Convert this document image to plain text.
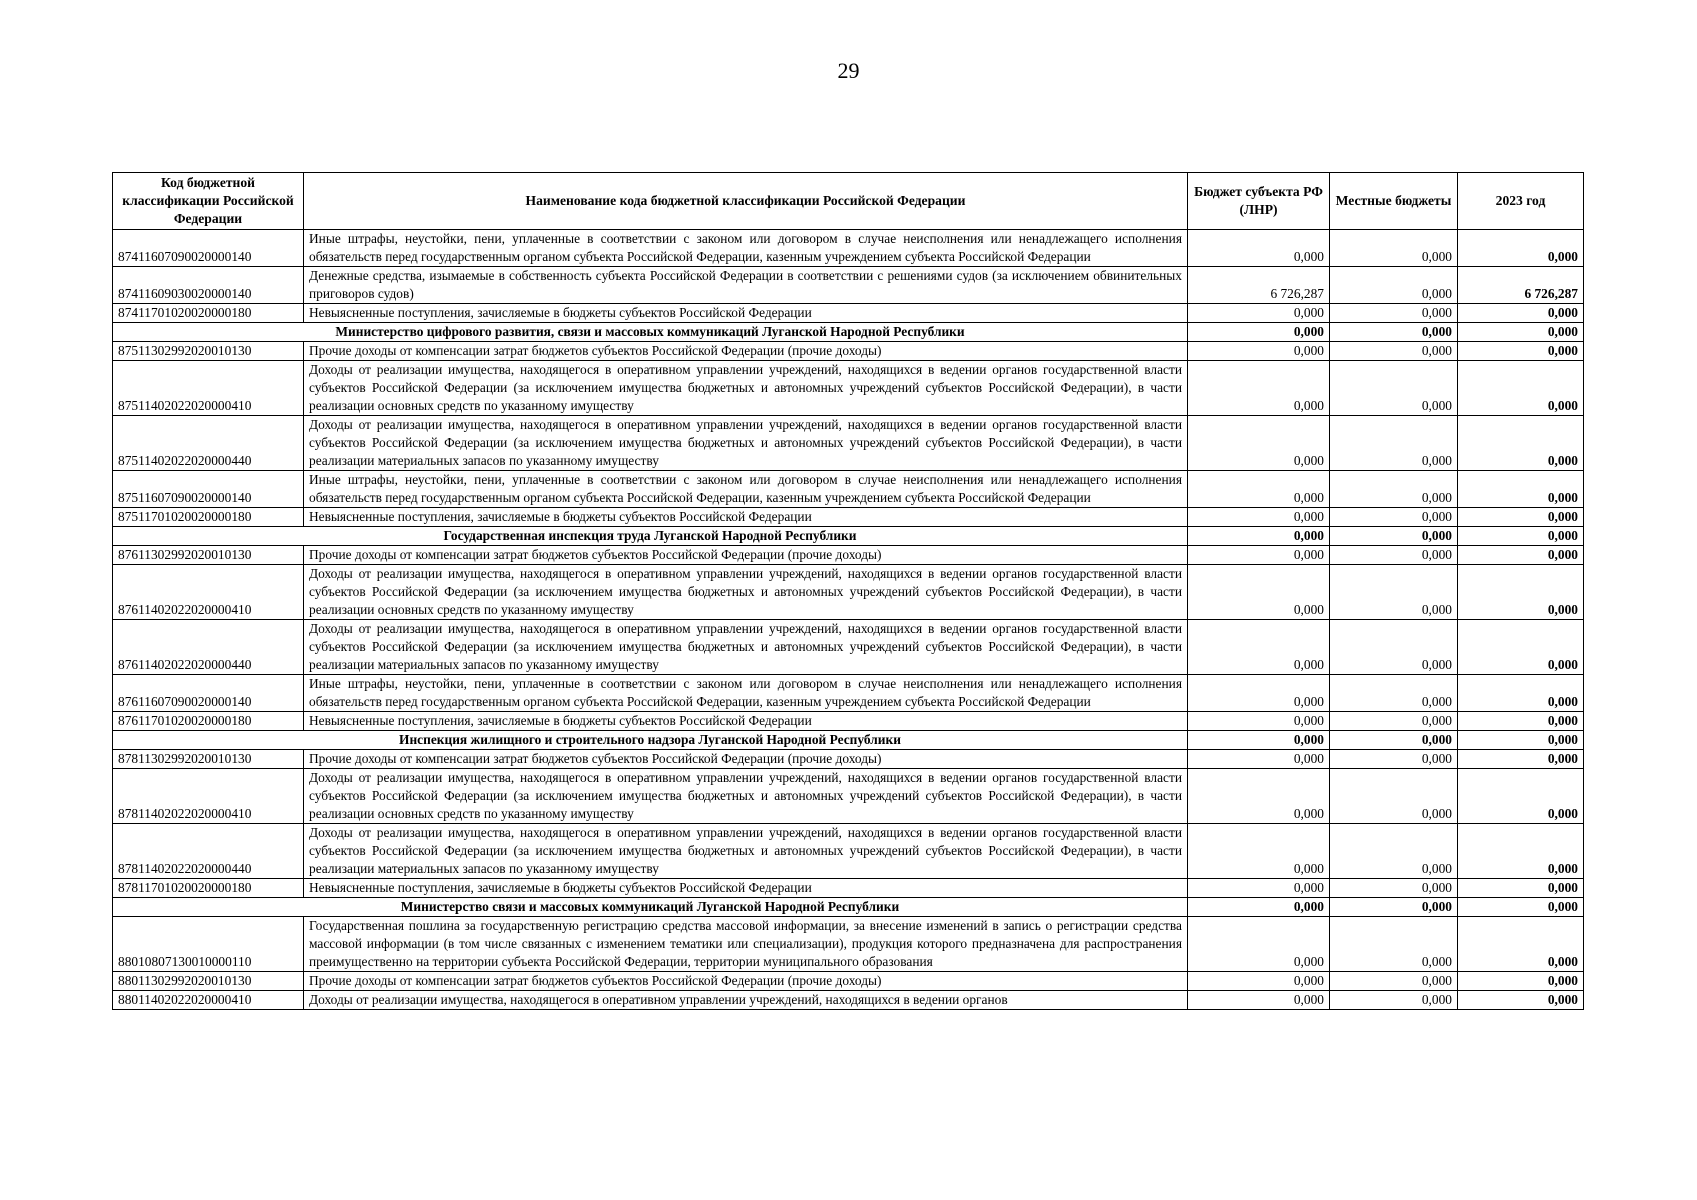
29
Код бюджетной классификации Российской Федерации	Наименование кода бюджетной классификации Российской Федерации	Бюджет субъекта РФ (ЛНР)	Местные бюджеты	2023 год
87411607090020000140	Иные штрафы, неустойки, пени, уплаченные в соответствии с законом или договором в случае неисполнения или ненадлежащего исполнения обязательств перед государственным органом субъекта Российской Федерации, казенным учреждением субъекта Российской Федерации	0,000	0,000	0,000
87411609030020000140	Денежные средства, изымаемые в собственность субъекта Российской Федерации в соответствии с решениями судов (за исключением обвинительных приговоров судов)	6 726,287	0,000	6 726,287
87411701020020000180	Невыясненные поступления, зачисляемые в бюджеты субъектов Российской Федерации	0,000	0,000	0,000
Министерство цифрового развития, связи и массовых коммуникаций Луганской Народной Республики		0,000	0,000	0,000
87511302992020010130	Прочие доходы от компенсации затрат бюджетов субъектов Российской Федерации (прочие доходы)	0,000	0,000	0,000
87511402022020000410	Доходы от реализации имущества, находящегося в оперативном управлении учреждений, находящихся в ведении органов государственной власти субъектов Российской Федерации (за исключением имущества бюджетных и автономных учреждений субъектов Российской Федерации), в части реализации основных средств по указанному имуществу	0,000	0,000	0,000
87511402022020000440	Доходы от реализации имущества, находящегося в оперативном управлении учреждений, находящихся в ведении органов государственной власти субъектов Российской Федерации (за исключением имущества бюджетных и автономных учреждений субъектов Российской Федерации), в части реализации материальных запасов по указанному имуществу	0,000	0,000	0,000
87511607090020000140	Иные штрафы, неустойки, пени, уплаченные в соответствии с законом или договором в случае неисполнения или ненадлежащего исполнения обязательств перед государственным органом субъекта Российской Федерации, казенным учреждением субъекта Российской Федерации	0,000	0,000	0,000
87511701020020000180	Невыясненные поступления, зачисляемые в бюджеты субъектов Российской Федерации	0,000	0,000	0,000
Государственная инспекция труда Луганской Народной Республики		0,000	0,000	0,000
87611302992020010130	Прочие доходы от компенсации затрат бюджетов субъектов Российской Федерации (прочие доходы)	0,000	0,000	0,000
87611402022020000410	Доходы от реализации имущества, находящегося в оперативном управлении учреждений, находящихся в ведении органов государственной власти субъектов Российской Федерации (за исключением имущества бюджетных и автономных учреждений субъектов Российской Федерации), в части реализации основных средств по указанному имуществу	0,000	0,000	0,000
87611402022020000440	Доходы от реализации имущества, находящегося в оперативном управлении учреждений, находящихся в ведении органов государственной власти субъектов Российской Федерации (за исключением имущества бюджетных и автономных учреждений субъектов Российской Федерации), в части реализации материальных запасов по указанному имуществу	0,000	0,000	0,000
87611607090020000140	Иные штрафы, неустойки, пени, уплаченные в соответствии с законом или договором в случае неисполнения или ненадлежащего исполнения обязательств перед государственным органом субъекта Российской Федерации, казенным учреждением субъекта Российской Федерации	0,000	0,000	0,000
87611701020020000180	Невыясненные поступления, зачисляемые в бюджеты субъектов Российской Федерации	0,000	0,000	0,000
Инспекция жилищного и строительного надзора Луганской Народной Республики		0,000	0,000	0,000
87811302992020010130	Прочие доходы от компенсации затрат бюджетов субъектов Российской Федерации (прочие доходы)	0,000	0,000	0,000
87811402022020000410	Доходы от реализации имущества, находящегося в оперативном управлении учреждений, находящихся в ведении органов государственной власти субъектов Российской Федерации (за исключением имущества бюджетных и автономных учреждений субъектов Российской Федерации), в части реализации основных средств по указанному имуществу	0,000	0,000	0,000
87811402022020000440	Доходы от реализации имущества, находящегося в оперативном управлении учреждений, находящихся в ведении органов государственной власти субъектов Российской Федерации (за исключением имущества бюджетных и автономных учреждений субъектов Российской Федерации), в части реализации материальных запасов по указанному имуществу	0,000	0,000	0,000
87811701020020000180	Невыясненные поступления, зачисляемые в бюджеты субъектов Российской Федерации	0,000	0,000	0,000
Министерство связи и массовых коммуникаций Луганской Народной Республики		0,000	0,000	0,000
88010807130010000110	Государственная пошлина за государственную регистрацию средства массовой информации, за внесение изменений в запись о регистрации средства массовой информации (в том числе связанных с изменением тематики или специализации), продукция которого предназначена для распространения преимущественно на территории субъекта Российской Федерации, территории муниципального образования	0,000	0,000	0,000
88011302992020010130	Прочие доходы от компенсации затрат бюджетов субъектов Российской Федерации (прочие доходы)	0,000	0,000	0,000
88011402022020000410	Доходы от реализации имущества, находящегося в оперативном управлении учреждений, находящихся в ведении органов	0,000	0,000	0,000
